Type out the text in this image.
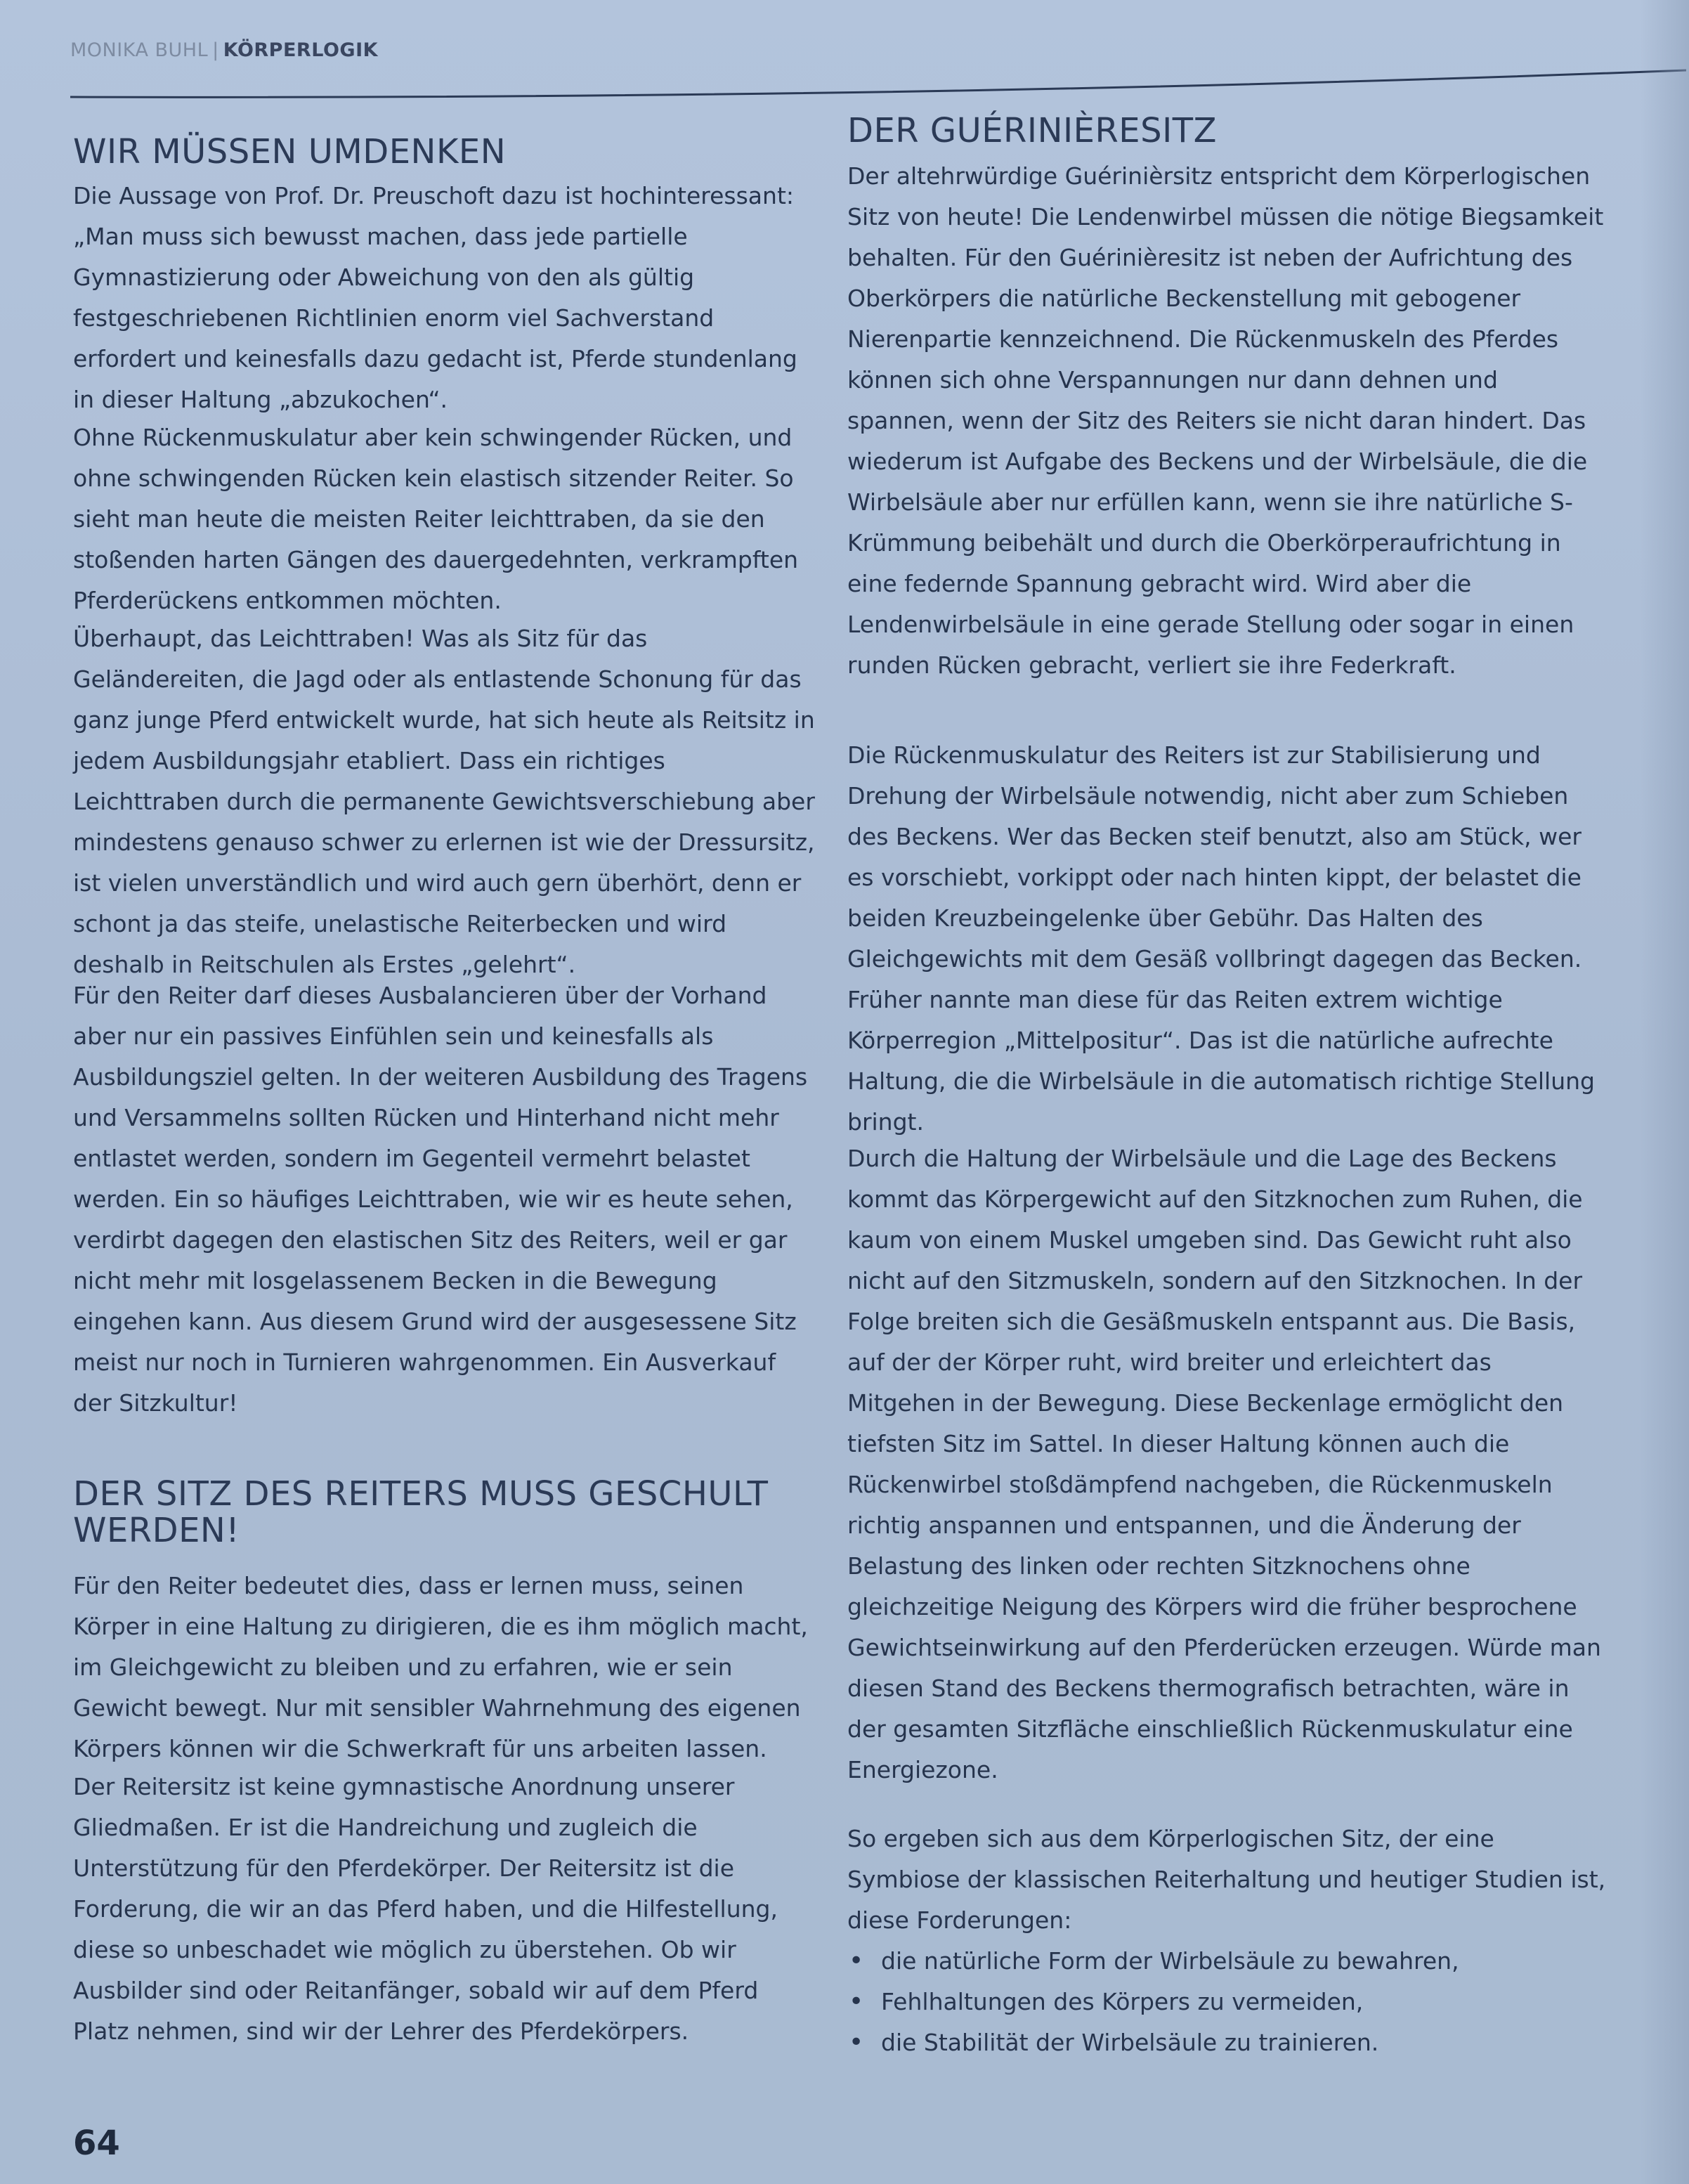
MONIKA BUHL | KÖRPERLOGIK
WIR MÜSSEN UMDENKEN

Die Aussage von Prof. Dr. Preuschoft dazu ist hochinteressant: „Man muss sich bewusst machen, dass jede partielle Gymnastizierung oder Abweichung von den als gültig festgeschriebenen Richtlinien enorm viel Sachverstand erfordert und keinesfalls dazu gedacht ist, Pferde stundenlang in dieser Haltung „abzukochen“.

Ohne Rückenmuskulatur aber kein schwingender Rücken, und ohne schwingenden Rücken kein elastisch sitzender Reiter. So sieht man heute die meisten Reiter leichttraben, da sie den stoßenden harten Gängen des dauergedehnten, verkrampften Pferderückens entkommen möchten.

Überhaupt, das Leichttraben! Was als Sitz für das Geländereiten, die Jagd oder als entlastende Schonung für das ganz junge Pferd entwickelt wurde, hat sich heute als Reitsitz in jedem Ausbildungsjahr etabliert. Dass ein richtiges Leichttraben durch die permanente Gewichtsverschiebung aber mindestens genauso schwer zu erlernen ist wie der Dressursitz, ist vielen unverständlich und wird auch gern überhört, denn er schont ja das steife, unelastische Reiterbecken und wird deshalb in Reitschulen als Erstes „gelehrt“.

Für den Reiter darf dieses Ausbalancieren über der Vorhand aber nur ein passives Einfühlen sein und keinesfalls als Ausbildungsziel gelten. In der weiteren Ausbildung des Tragens und Versammelns sollten Rücken und Hinterhand nicht mehr entlastet werden, sondern im Gegenteil vermehrt belastet werden. Ein so häufiges Leichttraben, wie wir es heute sehen, verdirbt dagegen den elastischen Sitz des Reiters, weil er gar nicht mehr mit losgelassenem Becken in die Bewegung eingehen kann. Aus diesem Grund wird der ausgesessene Sitz meist nur noch in Turnieren wahrgenommen. Ein Ausverkauf der Sitzkultur!

DER SITZ DES REITERS MUSS GESCHULT WERDEN!

Für den Reiter bedeutet dies, dass er lernen muss, seinen Körper in eine Haltung zu dirigieren, die es ihm möglich macht, im Gleichgewicht zu bleiben und zu erfahren, wie er sein Gewicht bewegt. Nur mit sensibler Wahrnehmung des eigenen Körpers können wir die Schwerkraft für uns arbeiten lassen.

Der Reitersitz ist keine gymnastische Anordnung unserer Gliedmaßen. Er ist die Handreichung und zugleich die Unterstützung für den Pferdekörper. Der Reitersitz ist die Forderung, die wir an das Pferd haben, und die Hilfestellung, diese so unbeschadet wie möglich zu überstehen. Ob wir Ausbilder sind oder Reitanfänger, sobald wir auf dem Pferd Platz nehmen, sind wir der Lehrer des Pferdekörpers.

DER GUÉRINIÈRESITZ

Der altehrwürdige Guérinièrsitz entspricht dem Körperlogischen Sitz von heute! Die Lendenwirbel müssen die nötige Biegsamkeit behalten. Für den Guérinièresitz ist neben der Aufrichtung des Oberkörpers die natürliche Beckenstellung mit gebogener Nierenpartie kennzeichnend. Die Rückenmuskeln des Pferdes können sich ohne Verspannungen nur dann dehnen und spannen, wenn der Sitz des Reiters sie nicht daran hindert. Das wiederum ist Aufgabe des Beckens und der Wirbelsäule, die die Wirbelsäule aber nur erfüllen kann, wenn sie ihre natürliche S-Krümmung beibehält und durch die Oberkörperaufrichtung in eine federnde Spannung gebracht wird. Wird aber die Lendenwirbelsäule in eine gerade Stellung oder sogar in einen runden Rücken gebracht, verliert sie ihre Federkraft.

Die Rückenmuskulatur des Reiters ist zur Stabilisierung und Drehung der Wirbelsäule notwendig, nicht aber zum Schieben des Beckens. Wer das Becken steif benutzt, also am Stück, wer es vorschiebt, vorkippt oder nach hinten kippt, der belastet die beiden Kreuzbeingelenke über Gebühr. Das Halten des Gleichgewichts mit dem Gesäß vollbringt dagegen das Becken. Früher nannte man diese für das Reiten extrem wichtige Körperregion „Mittelpositur“. Das ist die natürliche aufrechte Haltung, die die Wirbelsäule in die automatisch richtige Stellung bringt.

Durch die Haltung der Wirbelsäule und die Lage des Beckens kommt das Körpergewicht auf den Sitzknochen zum Ruhen, die kaum von einem Muskel umgeben sind. Das Gewicht ruht also nicht auf den Sitzmuskeln, sondern auf den Sitzknochen. In der Folge breiten sich die Gesäßmuskeln entspannt aus. Die Basis, auf der der Körper ruht, wird breiter und erleichtert das Mitgehen in der Bewegung. Diese Beckenlage ermöglicht den tiefsten Sitz im Sattel. In dieser Haltung können auch die Rückenwirbel stoßdämpfend nachgeben, die Rückenmuskeln richtig anspannen und entspannen, und die Änderung der Belastung des linken oder rechten Sitzknochens ohne gleichzeitige Neigung des Körpers wird die früher besprochene Gewichtseinwirkung auf den Pferderücken erzeugen. Würde man diesen Stand des Beckens thermografisch betrachten, wäre in der gesamten Sitzfläche einschließlich Rückenmuskulatur eine Energiezone.

So ergeben sich aus dem Körperlogischen Sitz, der eine Symbiose der klassischen Reiterhaltung und heutiger Studien ist, diese Forderungen:

• die natürliche Form der Wirbelsäule zu bewahren,
• Fehlhaltungen des Körpers zu vermeiden,
• die Stabilität der Wirbelsäule zu trainieren.
64
